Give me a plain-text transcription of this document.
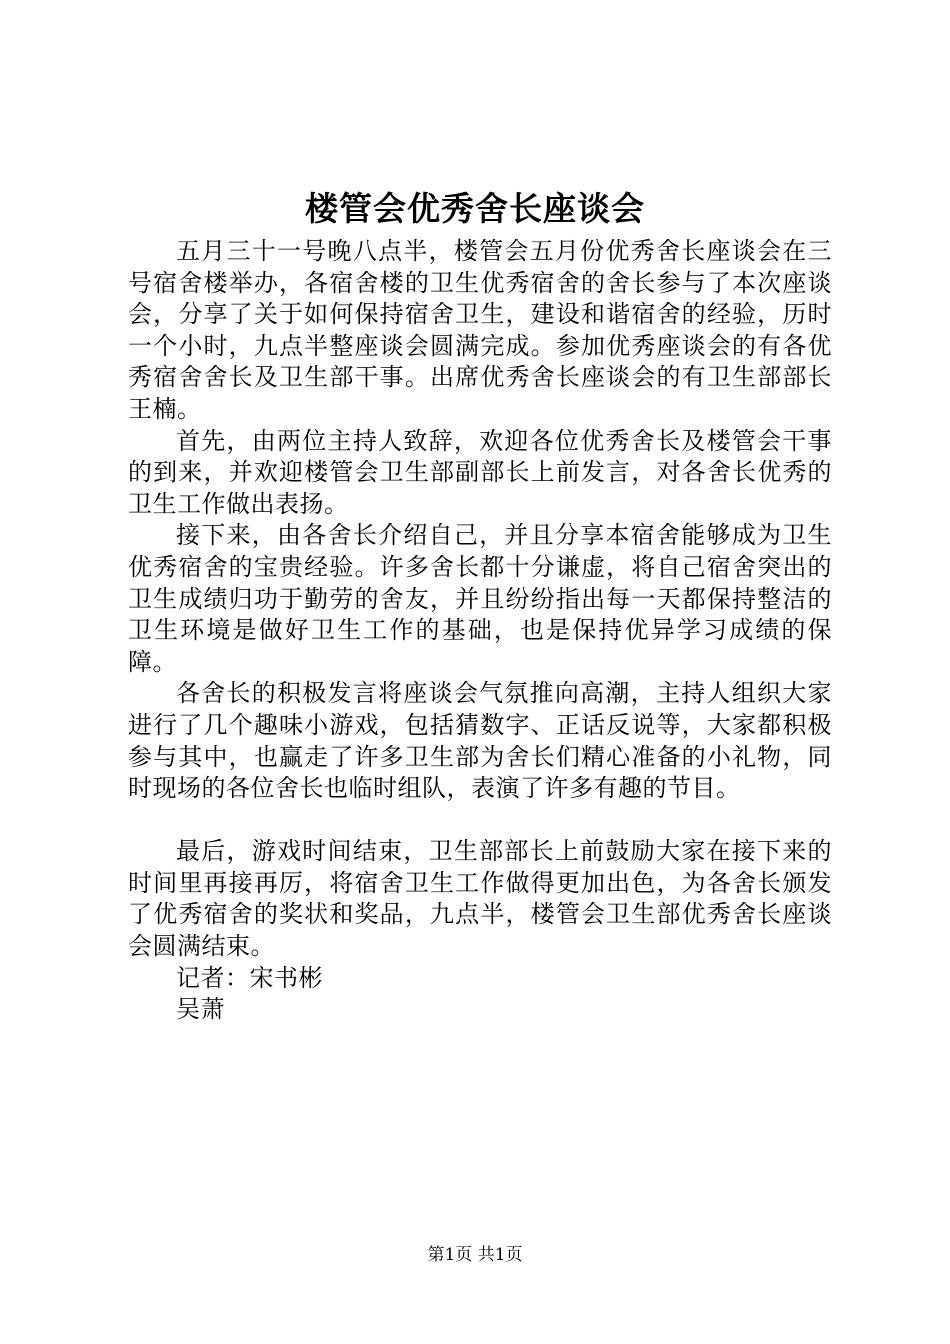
楼管会优秀舍长座谈会

五月三十一号晚八点半，楼管会五月份优秀舍长座谈会在三号宿舍楼举办，各宿舍楼的卫生优秀宿舍的舍长参与了本次座谈会，分享了关于如何保持宿舍卫生，建设和谐宿舍的经验，历时一个小时，九点半整座谈会圆满完成。参加优秀座谈会的有各优秀宿舍舍长及卫生部干事。出席优秀舍长座谈会的有卫生部部长王楠。

首先，由两位主持人致辞，欢迎各位优秀舍长及楼管会干事的到来，并欢迎楼管会卫生部副部长上前发言，对各舍长优秀的卫生工作做出表扬。

接下来，由各舍长介绍自己，并且分享本宿舍能够成为卫生优秀宿舍的宝贵经验。许多舍长都十分谦虚，将自己宿舍突出的卫生成绩归功于勤劳的舍友，并且纷纷指出每一天都保持整洁的卫生环境是做好卫生工作的基础，也是保持优异学习成绩的保障。

各舍长的积极发言将座谈会气氛推向高潮，主持人组织大家进行了几个趣味小游戏，包括猜数字、正话反说等，大家都积极参与其中，也赢走了许多卫生部为舍长们精心准备的小礼物，同时现场的各位舍长也临时组队，表演了许多有趣的节目。

最后，游戏时间结束，卫生部部长上前鼓励大家在接下来的时间里再接再厉，将宿舍卫生工作做得更加出色，为各舍长颁发了优秀宿舍的奖状和奖品，九点半，楼管会卫生部优秀舍长座谈会圆满结束。

记者：宋书彬
吴萧
第1页 共1页
